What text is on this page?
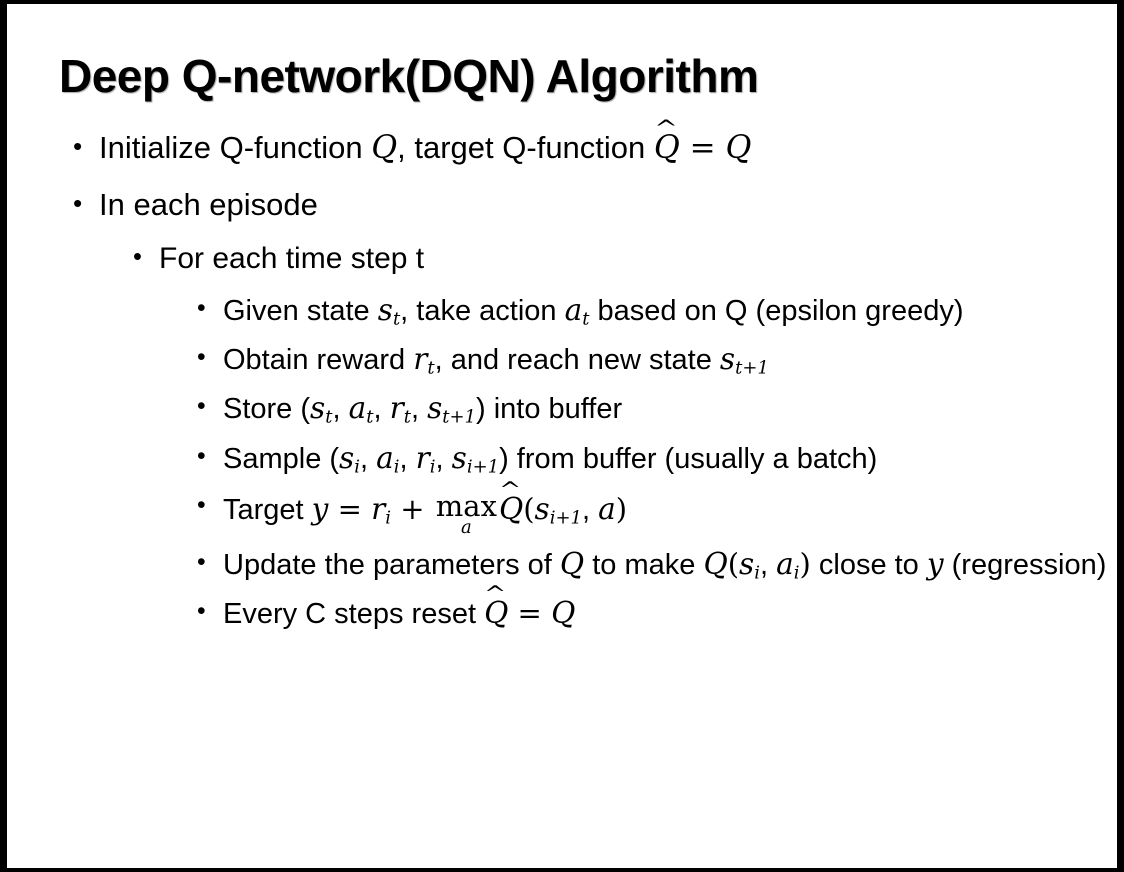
Deep Q-network(DQN) Algorithm
• Initialize Q-function Q, target Q-function Q ^ = Q
• In each episode
• For each time step t
• Given state $s_t$, take action $a_t$ based on Q (epsilon greedy)
• Obtain reward $r_t$, and reach new state $s_{t+1}$
• Store ($s_t$, $a_t$, $r_t$, $s_{t+1}$) into buffer
• Sample ($s_i$, $a_i$, $r_i$, $s_{i+1}$) from buffer (usually a batch)
• Target $y = r_i + \max$
a
Q $\^{}(s_{i+1}$, a)
• Update the parameters of Q to make $Q(s_i$, $a_i$) close to y (regression)
• Every C steps reset Q ^ = Q
